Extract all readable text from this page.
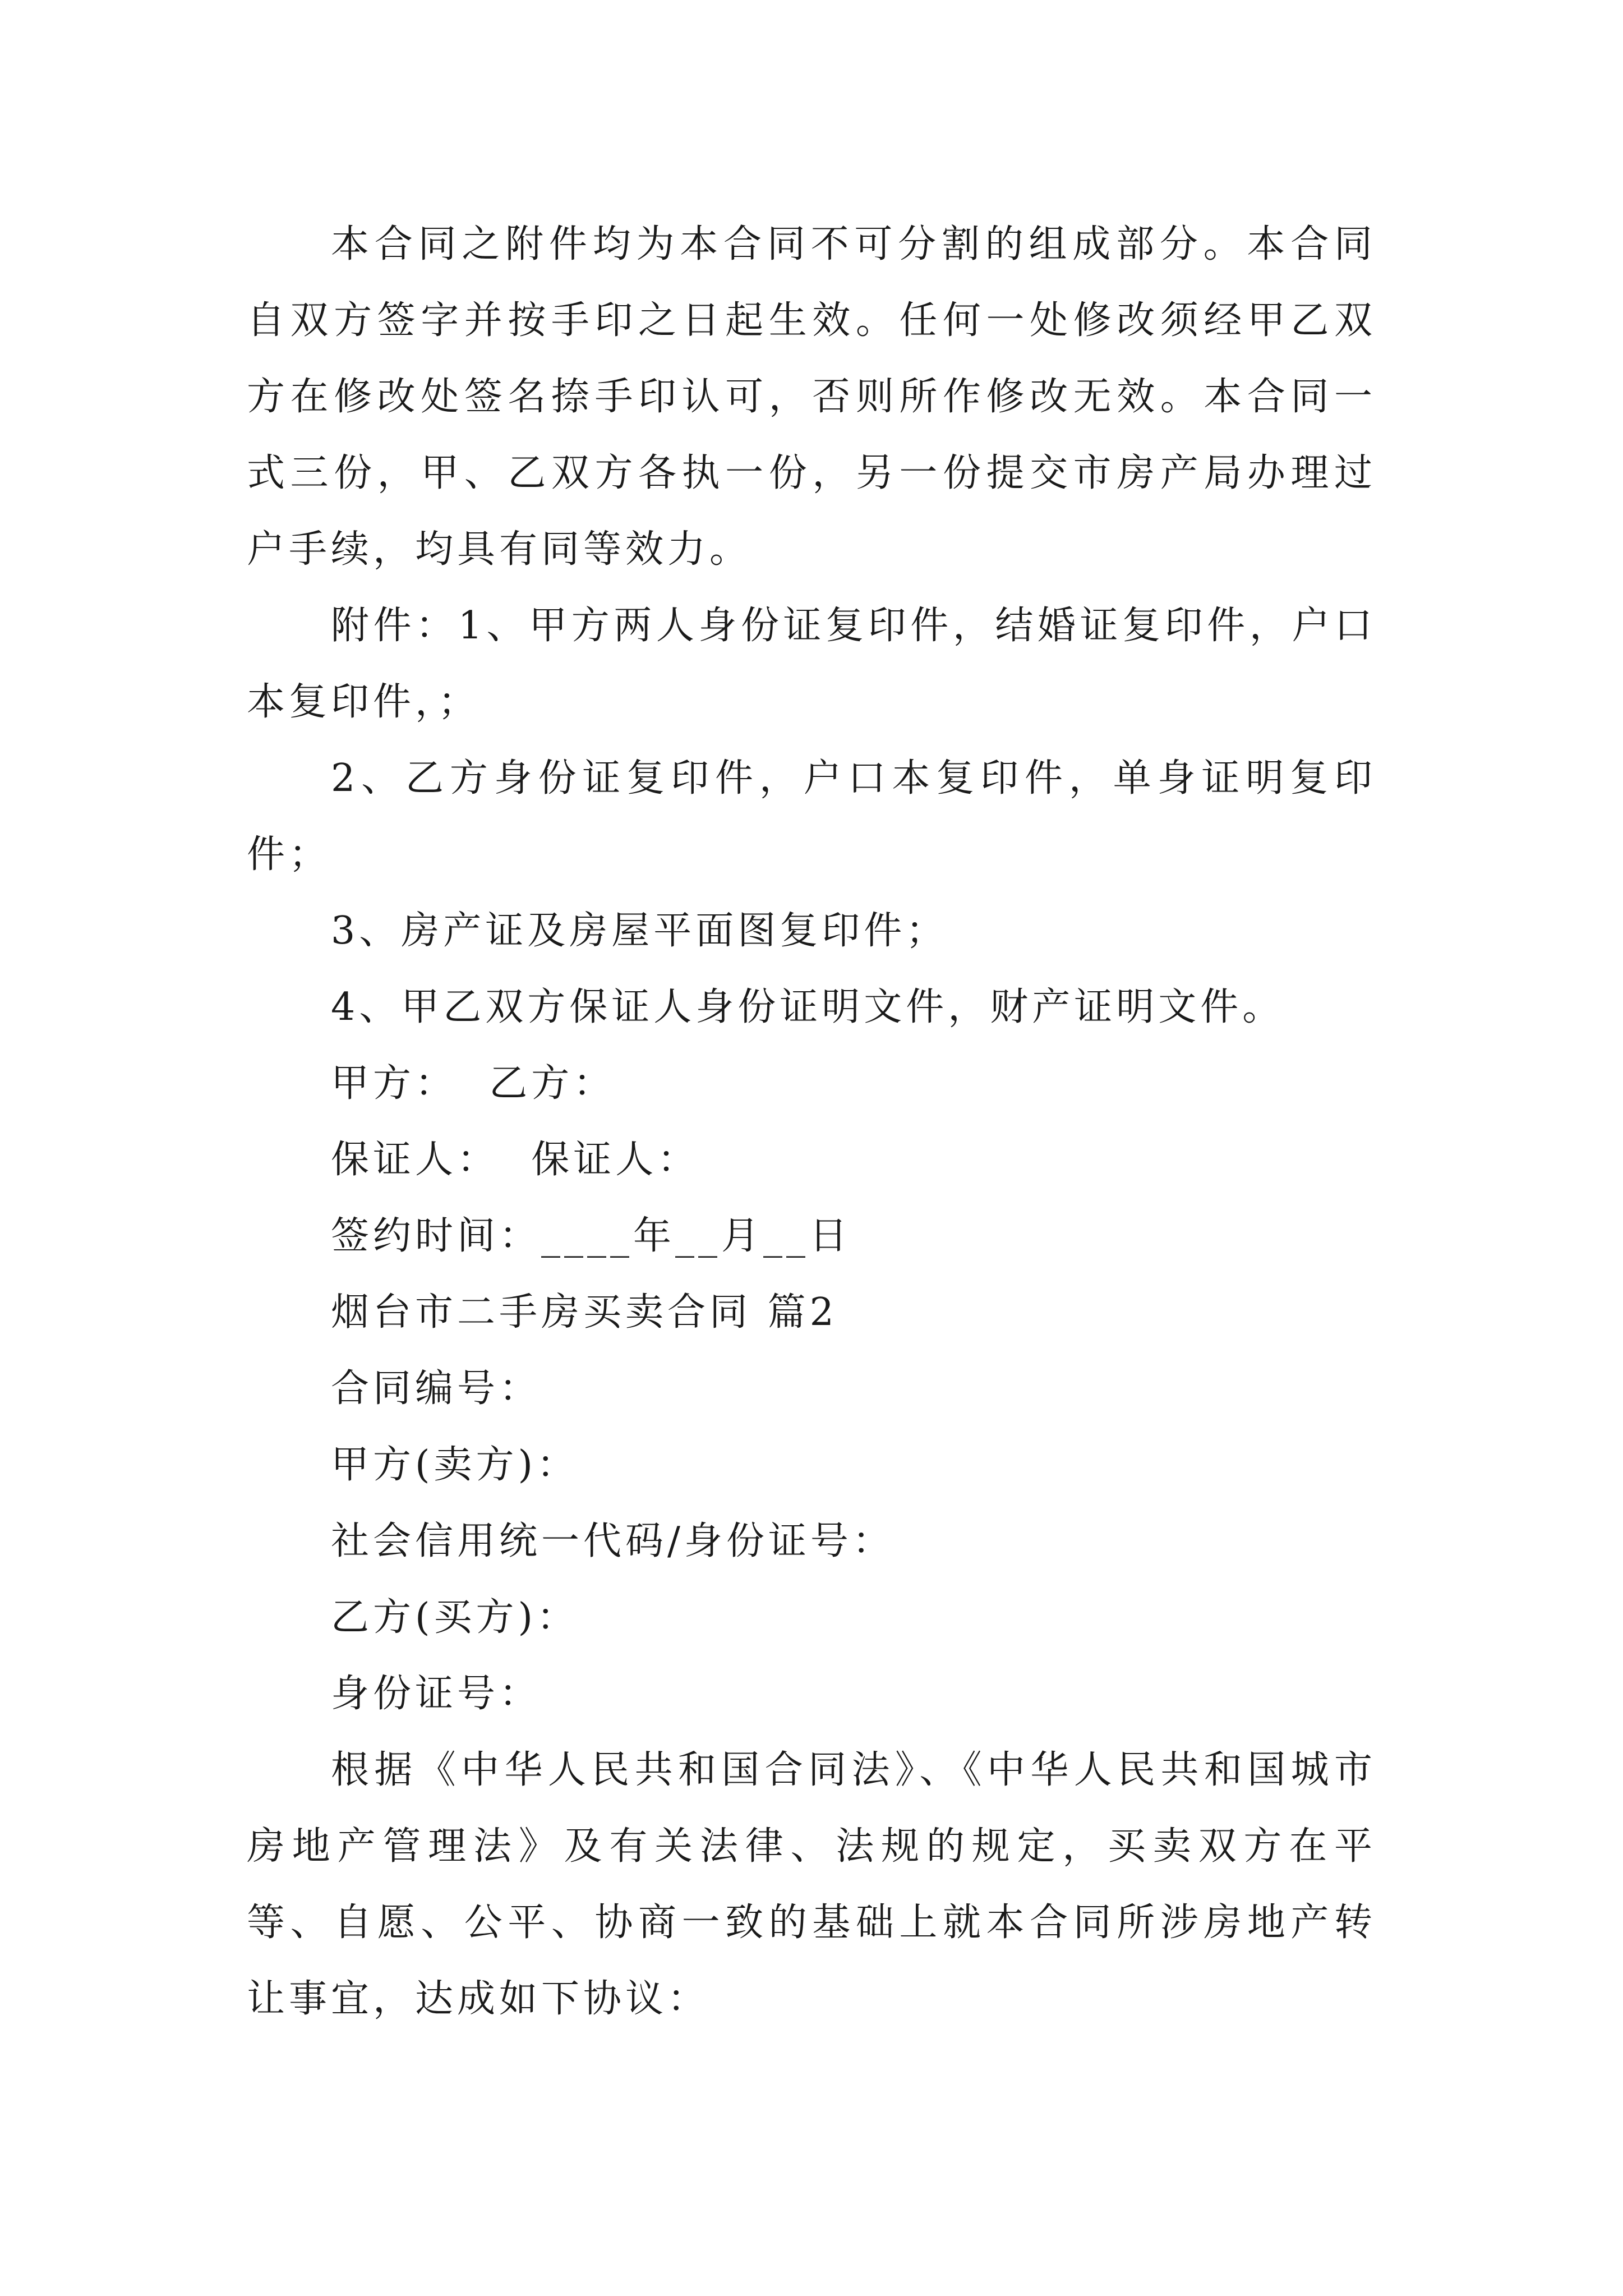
本合同之附件均为本合同不可分割的组成部分。本合同自双方签字并按手印之日起生效。任何一处修改须经甲乙双方在修改处签名捺手印认可，否则所作修改无效。本合同一式三份，甲、乙双方各执一份，另一份提交市房产局办理过户手续，均具有同等效力。

附件：1、甲方两人身份证复印件，结婚证复印件，户口本复印件，；

2、乙方身份证复印件，户口本复印件，单身证明复印件；

3、房产证及房屋平面图复印件；

4、甲乙双方保证人身份证明文件，财产证明文件。

甲方：  乙方：

保证人：  保证人：

签约时间：____年__月__日

烟台市二手房买卖合同 篇2

合同编号：

甲方(卖方)：

社会信用统一代码/身份证号：

乙方(买方)：

身份证号：

根据《中华人民共和国合同法》、《中华人民共和国城市房地产管理法》及有关法律、法规的规定，买卖双方在平等、自愿、公平、协商一致的基础上就本合同所涉房地产转让事宜，达成如下协议：
